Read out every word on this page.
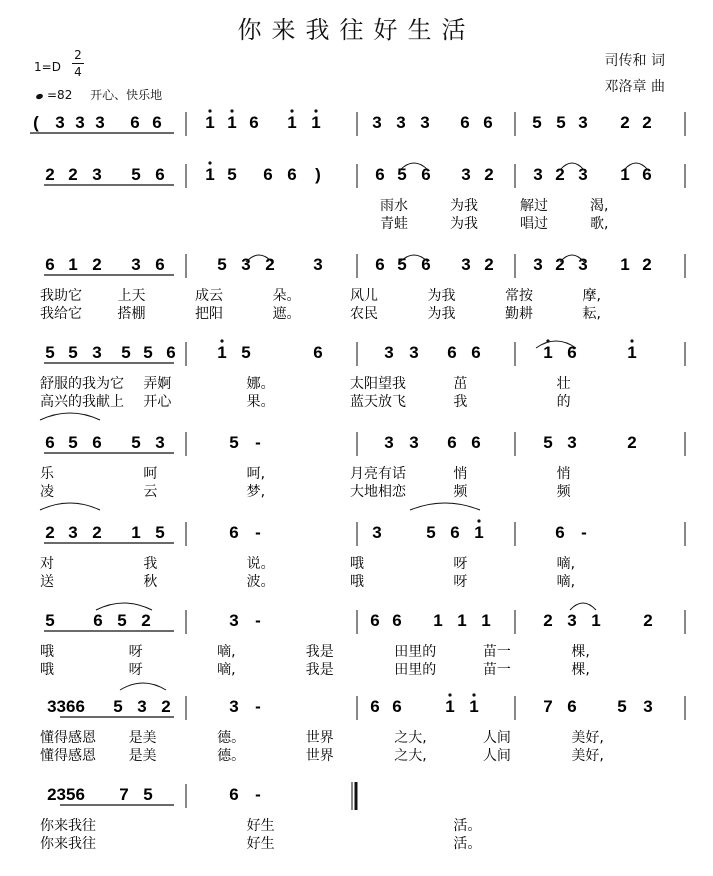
你来我往好生活
司传和 词
邓洛章 曲
1=D
2
4
=82 开心、快乐地
( 3 3 3 6 6	1 1 6 1 1	3 3 3 6 6 5 5 3 2 2
2 2 3 5 6 1 5 6 6 )	6 5 6 3 2 3 2 3 1 6
雨水	为我	解过	渴,
青蛙	为我	唱过	歌,
6 1 2 3 6	5 3 2 3	6 5 6 3 2 3 2 3 1 2
我助它	上天	成云	朵。	风儿	为我	常按	摩,
我给它	搭棚	把阳	遮。	农民	为我	勤耕	耘,
5 5 3 5 5 6 1 5	6	3 3 6 6	1 6	1
舒服的我为它 弄婀	娜。	太阳望我	茁	壮
高兴的我献上 开心	果。	蓝天放飞	我	的
6 5 6 5 3	5 -	3 3 6 6	5 3	2
乐	呵	呵,	月亮有话	悄	悄
凌	云	梦,	大地相恋	频	频
2 3 2 1 5	6 -	3	5 6 1	6 -
对	我	说。	哦	呀	嘀,
送	秋	波。	哦	呀	嘀,
5 6 5 2	3 -	6 6 1 1 1	2 3 1	2
哦	呀	嘀,	我是	田里的	苗一	棵,
哦	呀	嘀,	我是	田里的	苗一	棵,
3366 5 3 2	3 -	6 6	1 1	7 6 5 3
懂得感恩 是美	德。	世界	之大,	人间	美好,
懂得感恩 是美	德。	世界	之大,	人间	美好,
2356 7 5	6 -
你来我往	好生	活。
你来我往	好生	活。
